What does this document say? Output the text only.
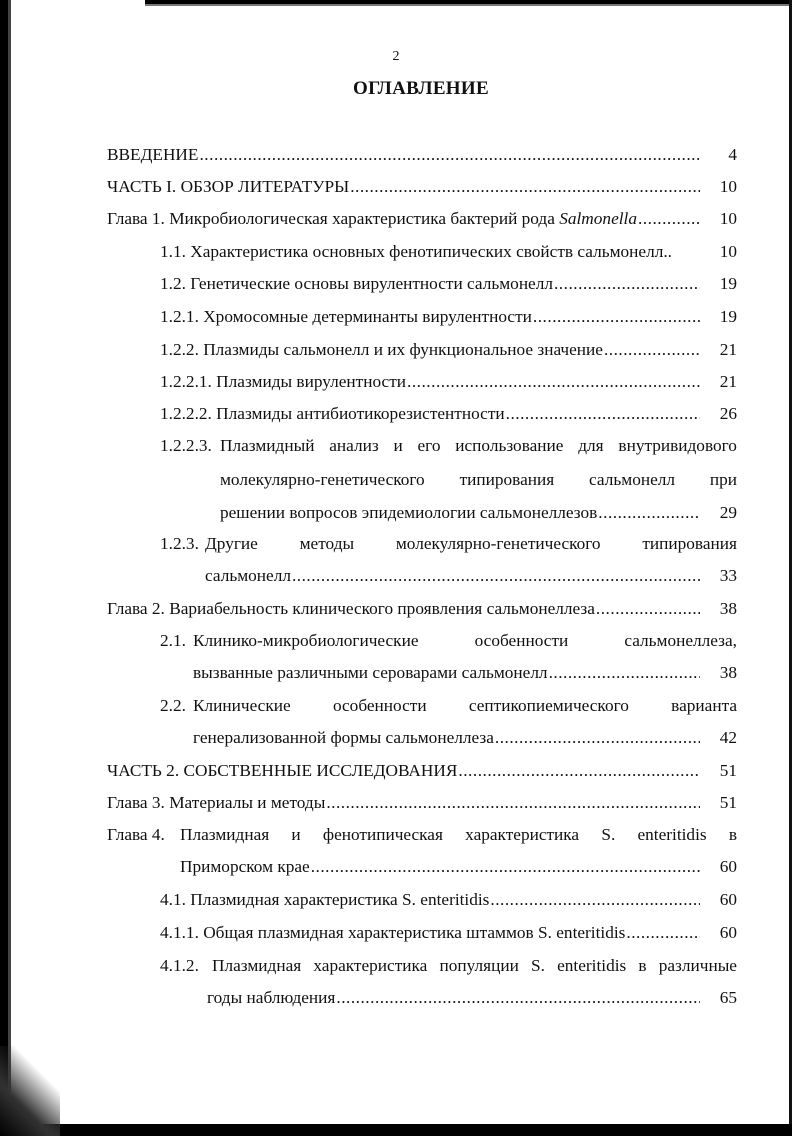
2
ОГЛАВЛЕНИЕ
ВВЕДЕНИЕ .....	4
ЧАСТЬ I. ОБЗОР ЛИТЕРАТУРЫ .....	10
Глава 1. Микробиологическая характеристика бактерий рода Salmonella .....	10
1.1. Характеристика основных фенотипических свойств сальмонелл..	10
1.2. Генетические основы вирулентности сальмонелл .....	19
1.2.1. Хромосомные детерминанты вирулентности .....	19
1.2.2. Плазмиды сальмонелл и их функциональное значение .....	21
1.2.2.1. Плазмиды вирулентности .....	21
1.2.2.2. Плазмиды антибиотикорезистентности .....	26
1.2.2.3. Плазмидный анализ и его использование для внутривидового
молекулярно-генетического типирования сальмонелл при
решении вопросов эпидемиологии сальмонеллезов .....	29
1.2.3. Другие методы молекулярно-генетического типирования
сальмонелл .....	33
Глава 2. Вариабельность клинического проявления сальмонеллеза .....	38
2.1. Клинико-микробиологические	особенности	сальмонеллеза,
вызванные различными сероварами сальмонелл .....	38
2.2. Клинические особенности септикопиемического варианта
генерализованной формы сальмонеллеза .....	42
ЧАСТЬ 2. СОБСТВЕННЫЕ ИССЛЕДОВАНИЯ .....	51
Глава 3. Материалы и методы .....	51
Глава 4. Плазмидная и фенотипическая характеристика S. enteritidis в
Приморском крае .....	60
4.1. Плазмидная характеристика S. enteritidis .....	60
4.1.1. Общая плазмидная характеристика штаммов S. enteritidis .....	60
4.1.2. Плазмидная характеристика популяции S. enteritidis в различные
годы наблюдения .....	65
